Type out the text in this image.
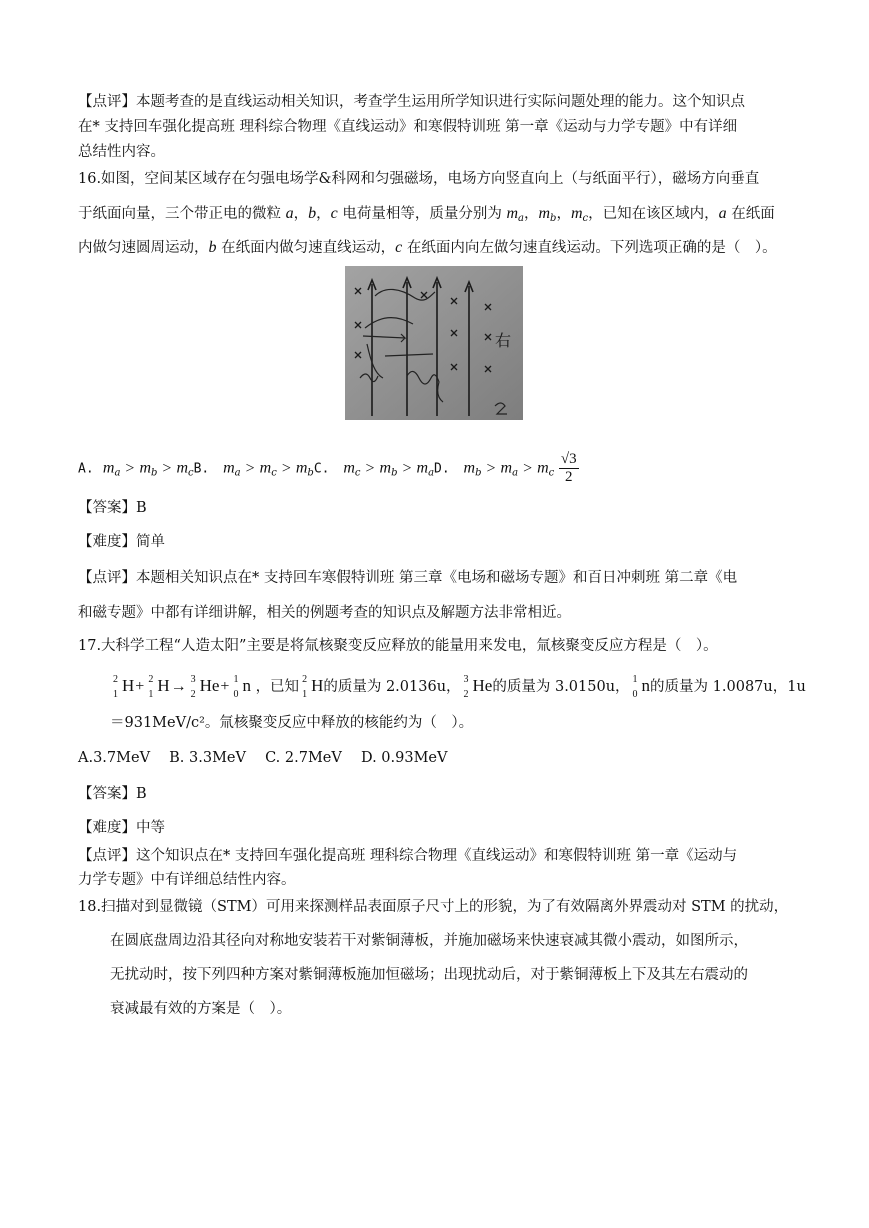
【点评】本题考查的是直线运动相关知识，考查学生运用所学知识进行实际问题处理的能力。这个知识点
在* 支持回车强化提高班 理科综合物理《直线运动》和寒假特训班 第一章《运动与力学专题》中有详细
总结性内容。
16.如图，空间某区域存在匀强电场学&科网和匀强磁场，电场方向竖直向上（与纸面平行），磁场方向垂直
于纸面向量，三个带正电的微粒 a，b，c 电荷量相等，质量分别为 $m_a$，$m_b$，$m_c$，已知在该区域内，a 在纸面
内做匀速圆周运动，b 在纸面内做匀速直线运动，c 在纸面内向左做匀速直线运动。下列选项正确的是（　）。
右
A. $m_a > m_b > m_cB$. $m_a > m_c > m_bC$. $m_c > m_b > m_aD$. $m_b > m_a > m_c \frac{√3}{2}$
【答案】B
【难度】简单
【点评】本题相关知识点在* 支持回车寒假特训班 第三章《电场和磁场专题》和百日冲刺班 第二章《电
和磁专题》中都有详细讲解，相关的例题考查的知识点及解题方法非常相近。
17.大科学工程“人造太阳”主要是将氚核聚变反应释放的能量用来发电，氚核聚变反应方程是（　）。
2
1 H+ 2
1 H→ 3
2 He+ 1
0 n ，已知 2
1 H的质量为 2.0136u， 3
2 He的质量为 3.0150u， 1
0 n的质量为 1.0087u，1u
＝931MeV/c²。氚核聚变反应中释放的核能约为（　）。
A.3.7MeV　 B. 3.3MeV　 C. 2.7MeV　 D. 0.93MeV
【答案】B
【难度】中等
【点评】这个知识点在* 支持回车强化提高班 理科综合物理《直线运动》和寒假特训班 第一章《运动与
力学专题》中有详细总结性内容。
18.扫描对到显微镜（STM）可用来探测样品表面原子尺寸上的形貌，为了有效隔离外界震动对 STM 的扰动，
在圆底盘周边沿其径向对称地安装若干对紫铜薄板，并施加磁场来快速衰减其微小震动，如图所示，
无扰动时，按下列四种方案对紫铜薄板施加恒磁场；出现扰动后，对于紫铜薄板上下及其左右震动的
衰减最有效的方案是（　）。
